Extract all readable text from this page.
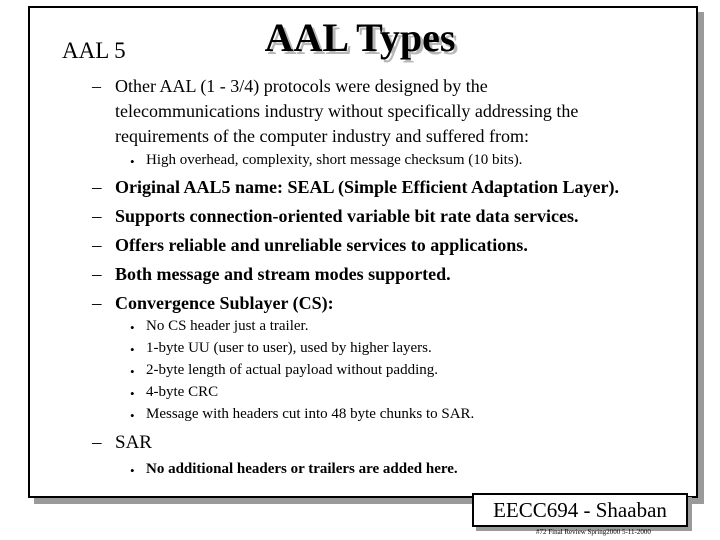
AAL 5	AAL Types
– Other AAL (1 - 3/4) protocols were designed by the
telecommunications industry without specifically addressing the
requirements of the computer industry and suffered from:
• High overhead, complexity, short message checksum (10 bits).
– Original AAL5 name: SEAL (Simple Efficient Adaptation Layer).
– Supports connection-oriented variable bit rate data services.
– Offers reliable and unreliable services to applications.
– Both message and stream modes supported.
– Convergence Sublayer (CS):
• No CS header just a trailer.
• 1-byte UU (user to user), used by higher layers.
• 2-byte length of actual payload without padding.
• 4-byte CRC
• Message with headers cut into 48 byte chunks to SAR.
– SAR
• No additional headers or trailers are added here.
EECC694 - Shaaban
#72 Final Review Spring2000 5-11-2000
